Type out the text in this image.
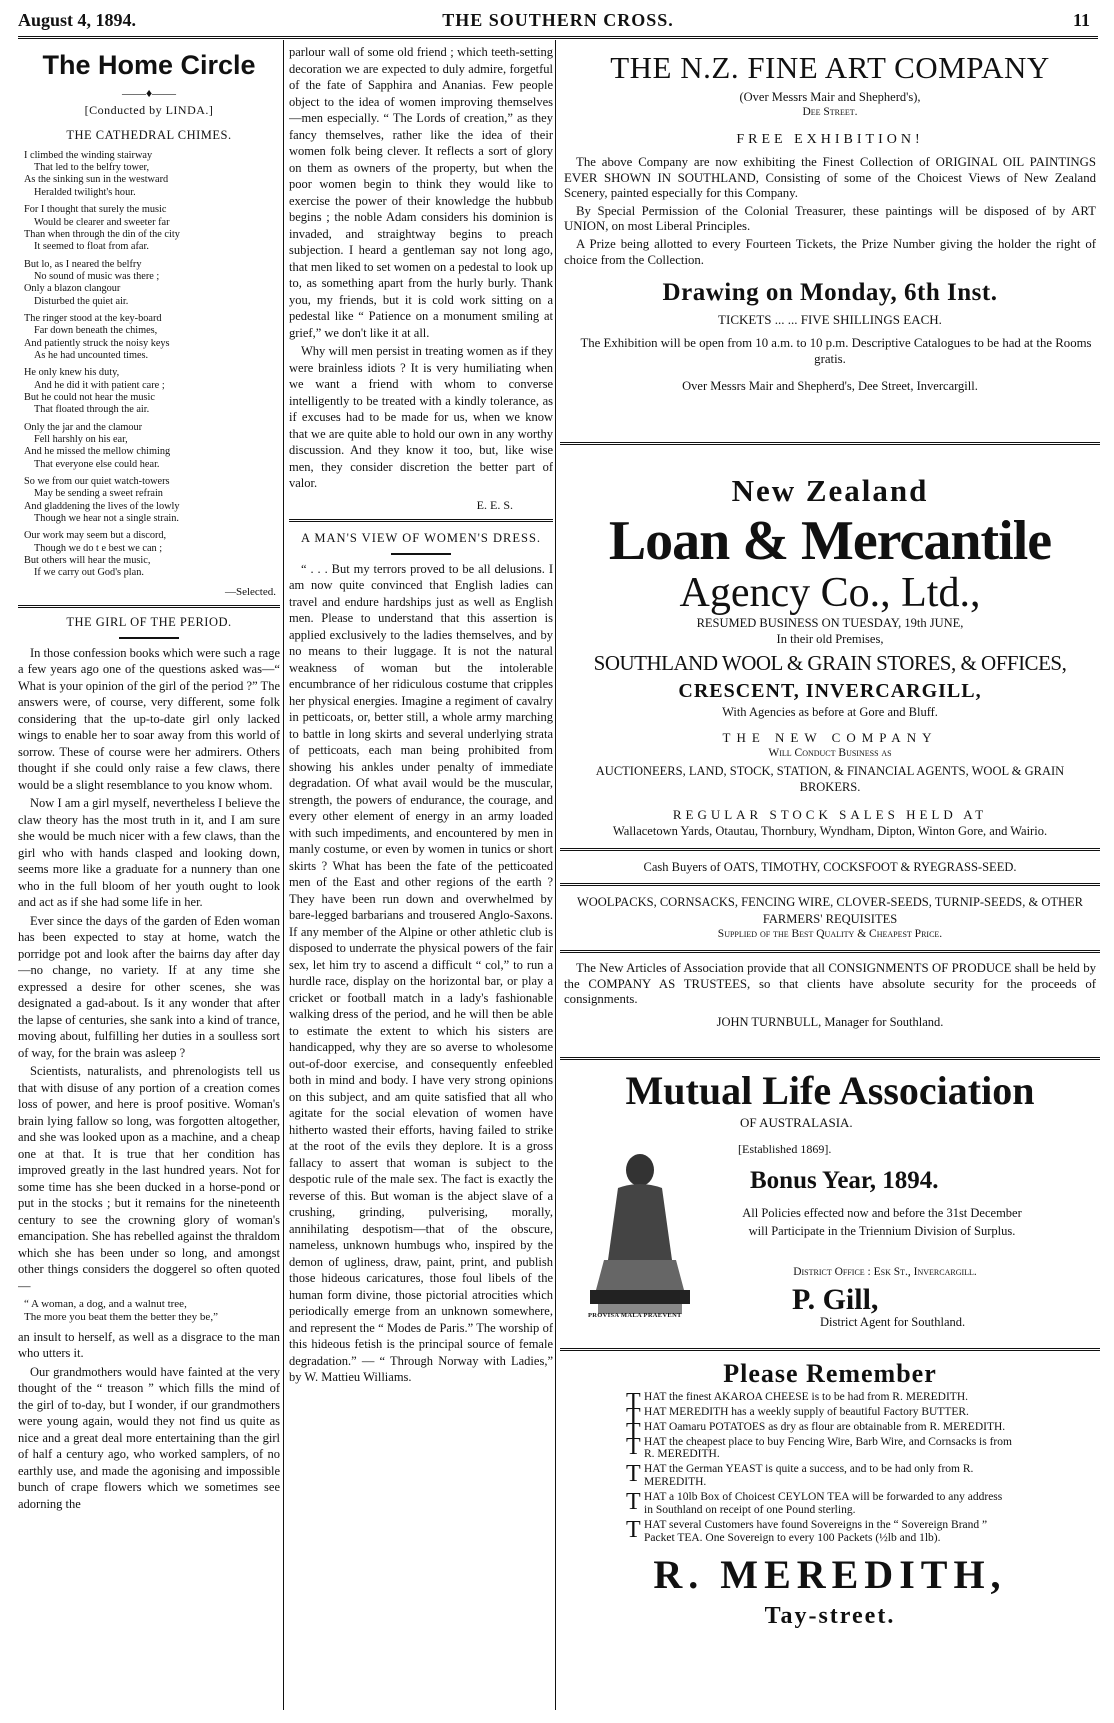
August 4, 1894.	THE SOUTHERN CROSS.	11
The Home Circle
——♦——
[Conducted by LINDA.]
THE CATHEDRAL CHIMES.
I climbed the winding stairway
That led to the belfry tower,
As the sinking sun in the westward
Heralded twilight's hour.
For I thought that surely the music
Would be clearer and sweeter far
Than when through the din of the city
It seemed to float from afar.
But lo, as I neared the belfry
No sound of music was there ;
Only a blazon clangour
Disturbed the quiet air.
The ringer stood at the key-board
Far down beneath the chimes,
And patiently struck the noisy keys
As he had uncounted times.
He only knew his duty,
And he did it with patient care ;
But he could not hear the music
That floated through the air.
Only the jar and the clamour
Fell harshly on his ear,
And he missed the mellow chiming
That everyone else could hear.
So we from our quiet watch-towers
May be sending a sweet refrain
And gladdening the lives of the lowly
Though we hear not a single strain.
Our work may seem but a discord,
Though we do t e best we can ;
But others will hear the music,
If we carry out God's plan.
—Selected.
THE GIRL OF THE PERIOD.

In those confession books which were such a rage a few years ago one of the questions asked was—“ What is your opinion of the girl of the period ?” The answers were, of course, very different, some folk considering that the up-to-date girl only lacked wings to enable her to soar away from this world of sorrow. These of course were her admirers. Others thought if she could only raise a few claws, there would be a slight resemblance to you know whom.

Now I am a girl myself, nevertheless I believe the claw theory has the most truth in it, and I am sure she would be much nicer with a few claws, than the girl who with hands clasped and looking down, seems more like a graduate for a nunnery than one who in the full bloom of her youth ought to look and act as if she had some life in her.

Ever since the days of the garden of Eden woman has been expected to stay at home, watch the porridge pot and look after the bairns day after day—no change, no variety. If at any time she expressed a desire for other scenes, she was designated a gad-about. Is it any wonder that after the lapse of centuries, she sank into a kind of trance, moving about, fulfilling her duties in a soulless sort of way, for the brain was asleep ?

Scientists, naturalists, and phrenologists tell us that with disuse of any portion of a creation comes loss of power, and here is proof positive. Woman's brain lying fallow so long, was forgotten altogether, and she was looked upon as a machine, and a cheap one at that. It is true that her condition has improved greatly in the last hundred years. Not for some time has she been ducked in a horse-pond or put in the stocks ; but it remains for the nineteenth century to see the crowning glory of woman's emancipation. She has rebelled against the thraldom which she has been under so long, and amongst other things considers the doggerel so often quoted—

“ A woman, a dog, and a walnut tree,
The more you beat them the better they be,”

an insult to herself, as well as a disgrace to the man who utters it.

Our grandmothers would have fainted at the very thought of the “ treason ” which fills the mind of the girl of to-day, but I wonder, if our grandmothers were young again, would they not find us quite as nice and a great deal more entertaining than the girl of half a century ago, who worked samplers, of no earthly use, and made the agonising and impossible bunch of crape flowers which we sometimes see adorning the

parlour wall of some old friend ; which teeth-setting decoration we are expected to duly admire, forgetful of the fate of Sapphira and Ananias. Few people object to the idea of women improving themselves—men especially. “ The Lords of creation,” as they fancy themselves, rather like the idea of their women folk being clever. It reflects a sort of glory on them as owners of the property, but when the poor women begin to think they would like to exercise the power of their knowledge the hubbub begins ; the noble Adam considers his dominion is invaded, and straightway begins to preach subjection. I heard a gentleman say not long ago, that men liked to set women on a pedestal to look up to, as something apart from the hurly burly. Thank you, my friends, but it is cold work sitting on a pedestal like “ Patience on a monument smiling at grief,” we don't like it at all.

Why will men persist in treating women as if they were brainless idiots ? It is very humiliating when we want a friend with whom to converse intelligently to be treated with a kindly tolerance, as if excuses had to be made for us, when we know that we are quite able to hold our own in any worthy discussion. And they know it too, but, like wise men, they consider discretion the better part of valor.

E. E. S.
A MAN'S VIEW OF WOMEN'S DRESS.

“ . . . But my terrors proved to be all delusions. I am now quite convinced that English ladies can travel and endure hardships just as well as English men. Please to understand that this assertion is applied exclusively to the ladies themselves, and by no means to their luggage. It is not the natural weakness of woman but the intolerable encumbrance of her ridiculous costume that cripples her physical energies. Imagine a regiment of cavalry in petticoats, or, better still, a whole army marching to battle in long skirts and several underlying strata of petticoats, each man being prohibited from showing his ankles under penalty of immediate degradation. Of what avail would be the muscular, strength, the powers of endurance, the courage, and every other element of energy in an army loaded with such impediments, and encountered by men in manly costume, or even by women in tunics or short skirts ? What has been the fate of the petticoated men of the East and other regions of the earth ? They have been run down and overwhelmed by bare-legged barbarians and trousered Anglo-Saxons. If any member of the Alpine or other athletic club is disposed to underrate the physical powers of the fair sex, let him try to ascend a difficult “ col,” to run a hurdle race, display on the horizontal bar, or play a cricket or football match in a lady's fashionable walking dress of the period, and he will then be able to estimate the extent to which his sisters are handicapped, why they are so averse to wholesome out-of-door exercise, and consequently enfeebled both in mind and body. I have very strong opinions on this subject, and am quite satisfied that all who agitate for the social elevation of women have hitherto wasted their efforts, having failed to strike at the root of the evils they deplore. It is a gross fallacy to assert that woman is subject to the despotic rule of the male sex. The fact is exactly the reverse of this. But woman is the abject slave of a crushing, grinding, pulverising, morally, annihilating despotism—that of the obscure, nameless, unknown humbugs who, inspired by the demon of ugliness, draw, paint, print, and publish those hideous caricatures, those foul libels of the human form divine, those pictorial atrocities which periodically emerge from an unknown somewhere, and represent the “ Modes de Paris.” The worship of this hideous fetish is the principal source of female degradation.” — “ Through Norway with Ladies,” by W. Mattieu Williams.

THE N.Z. FINE ART COMPANY
(Over Messrs Mair and Shepherd's),
Dee Street.
FREE EXHIBITION!
The above Company are now exhibiting the Finest Collection of ORIGINAL OIL PAINTINGS EVER SHOWN IN SOUTHLAND, Consisting of some of the Choicest Views of New Zealand Scenery, painted especially for this Company.
By Special Permission of the Colonial Treasurer, these paintings will be disposed of by ART UNION, on most Liberal Principles.
A Prize being allotted to every Fourteen Tickets, the Prize Number giving the holder the right of choice from the Collection.
Drawing on Monday, 6th Inst.
TICKETS ... ... FIVE SHILLINGS EACH.
The Exhibition will be open from 10 a.m. to 10 p.m. Descriptive Catalogues to be had at the Rooms gratis.
Over Messrs Mair and Shepherd's, Dee Street, Invercargill.
New Zealand
Loan & Mercantile
Agency Co., Ltd.,
RESUMED BUSINESS ON TUESDAY, 19th JUNE,
In their old Premises,
SOUTHLAND WOOL & GRAIN STORES, & OFFICES,
CRESCENT, INVERCARGILL,
With Agencies as before at Gore and Bluff.
THE NEW COMPANY
Will Conduct Business as
AUCTIONEERS, LAND, STOCK, STATION, & FINANCIAL AGENTS, WOOL & GRAIN BROKERS.
REGULAR STOCK SALES HELD AT
Wallacetown Yards, Otautau, Thornbury, Wyndham, Dipton, Winton Gore, and Wairio.
Cash Buyers of OATS, TIMOTHY, COCKSFOOT & RYEGRASS-SEED.
WOOLPACKS, CORNSACKS, FENCING WIRE, CLOVER-SEEDS, TURNIP-SEEDS, & OTHER FARMERS' REQUISITES
Supplied of the Best Quality & Cheapest Price.
The New Articles of Association provide that all CONSIGNMENTS OF PRODUCE shall be held by the COMPANY AS TRUSTEES, so that clients have absolute security for the proceeds of consignments.
JOHN TURNBULL, Manager for Southland.
Mutual Life Association
OF AUSTRALASIA.
[Established 1869].
Bonus Year, 1894.
All Policies effected now and before the 31st December will Participate in the Triennium Division of Surplus.
District Office : Esk St., Invercargill.
P. Gill,
District Agent for Southland.
PROVISA MALA PRAEVENT
Please Remember
T HAT the finest AKAROA CHEESE is to be had from R. MEREDITH.
T HAT MEREDITH has a weekly supply of beautiful Factory BUTTER.
T HAT Oamaru POTATOES as dry as flour are obtainable from R. MEREDITH.
T HAT the cheapest place to buy Fencing Wire, Barb Wire, and Cornsacks is from R. MEREDITH.
T HAT the German YEAST is quite a success, and to be had only from R. MEREDITH.
T HAT a 10lb Box of Choicest CEYLON TEA will be forwarded to any address in Southland on receipt of one Pound sterling.
T HAT several Customers have found Sovereigns in the “ Sovereign Brand ” Packet TEA. One Sovereign to every 100 Packets (½lb and 1lb).
R. MEREDITH,
Tay-street.
